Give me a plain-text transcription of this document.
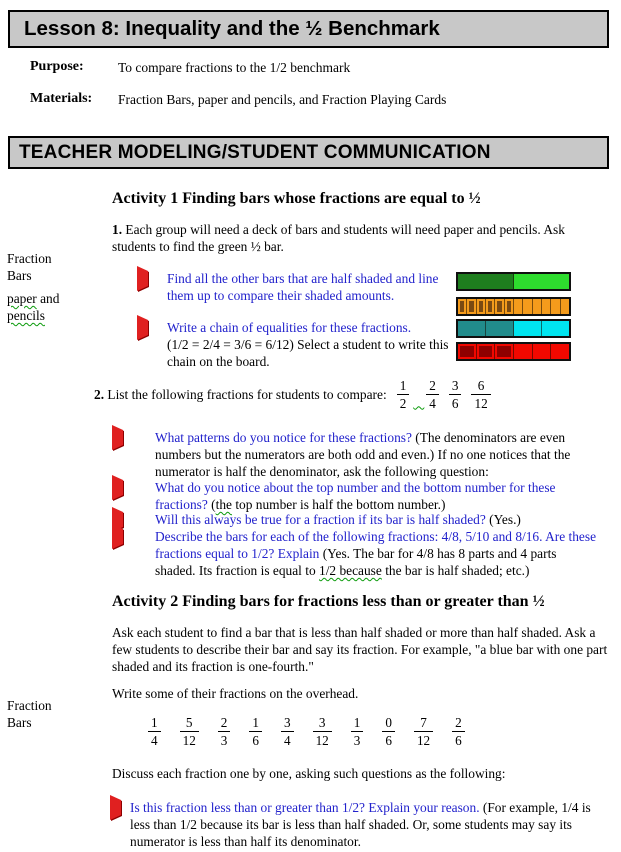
Lesson 8: Inequality and the ½ Benchmark
Purpose:	To compare fractions to the 1/2 benchmark
Materials: Fraction Bars, paper and pencils, and Fraction Playing Cards
TEACHER MODELING/STUDENT COMMUNICATION
Activity 1 Finding bars whose fractions are equal to ½
1. Each group will need a deck of bars and students will need paper and pencils. Ask students to find the green ½ bar.
Fraction
Bars
paper and
pencils
Fraction
Bars
Find all the other bars that are half shaded and line them up to compare their shaded amounts.
Write a chain of equalities for these fractions.
(1/2 = 2/4 = 3/6 = 6/12) Select a student to write this chain on the board.
2. List the following fractions for students to compare: $\frac{1}{2} \frac{2}{4} \frac{3}{6} \frac{6}{12}$
What patterns do you notice for these fractions? (The denominators are even numbers but the numerators are both odd and even.) If no one notices that the numerator is half the denominator, ask the following question:
What do you notice about the top number and the bottom number for these fractions? (the top number is half the bottom number.)
Will this always be true for a fraction if its bar is half shaded? (Yes.)
Describe the bars for each of the following fractions: 4/8, 5/10 and 8/16. Are these fractions equal to 1/2? Explain (Yes. The bar for 4/8 has 8 parts and 4 parts shaded. Its fraction is equal to 1/2 because the bar is half shaded; etc.)
Activity 2 Finding bars for fractions less than or greater than ½
Ask each student to find a bar that is less than half shaded or more than half shaded. Ask a few students to describe their bar and say its fraction. For example, "a blue bar with one part shaded and its fraction is one-fourth."
Write some of their fractions on the overhead.
$\frac{1}{4} \frac{5}{12} \frac{2}{3} \frac{1}{6} \frac{3}{4} \frac{3}{12} \frac{1}{3} \frac{0}{6} \frac{7}{12} \frac{2}{6}$
Discuss each fraction one by one, asking such questions as the following:
Is this fraction less than or greater than 1/2? Explain your reason. (For example, 1/4 is less than 1/2 because its bar is less than half shaded. Or, some students may say its numerator is less than half its denominator.
